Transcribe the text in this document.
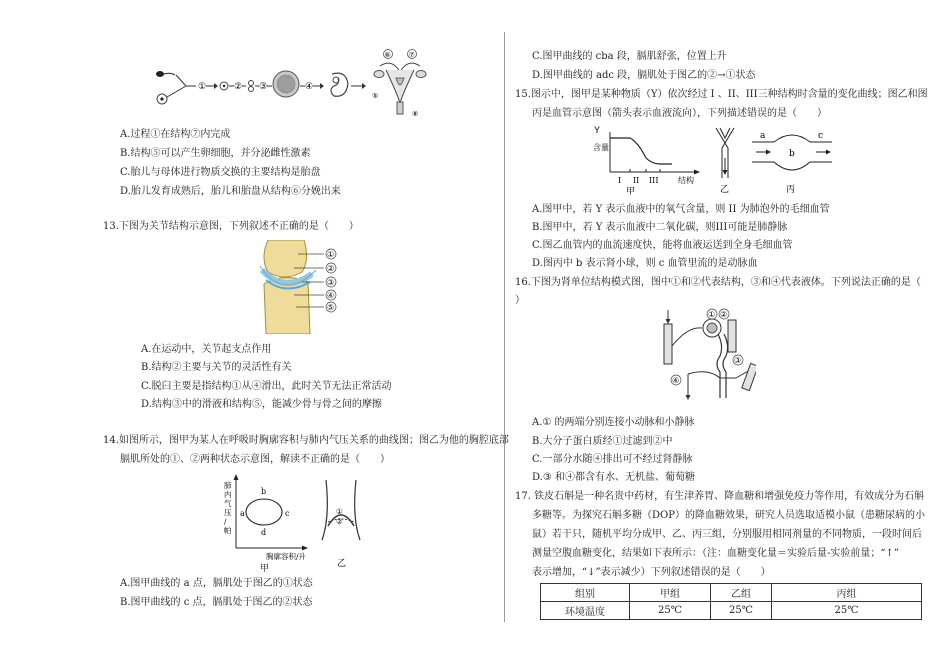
①	② ③	④
⑥	⑦
⑤
⑧
A.过程①在结构⑦内完成
B.结构⑤可以产生卵细胞，并分泌雌性激素
C.胎儿与母体进行物质交换的主要结构是胎盘
D.胎儿发育成熟后，胎儿和胎盘从结构⑥分娩出来
13.下图为关节结构示意图，下列叙述不正确的是（　　）
①
②
③
④
⑤
A.在运动中，关节起支点作用
B.结构②主要与关节的灵活性有关
C.脱臼主要是指结构①从④滑出，此时关节无法正常活动
D.结构③中的滑液和结构⑤，能减少骨与骨之间的摩擦
14.如图所示，图甲为某人在呼吸时胸廓容积与肺内气压关系的曲线图；图乙为他的胸腔底部
膈肌所处的①、②两种状态示意图，解读不正确的是（　　）
肺
内
气
压
/
帕
a
b
c
d
胸廓容积/升
甲
①
②
乙
A.图甲曲线的 a 点，膈肌处于图乙的①状态
B.图甲曲线的 c 点，膈肌处于图乙的②状态
C.图甲曲线的 cba 段，膈肌舒张，位置上升
D.图甲曲线的 adc 段，膈肌处于图乙的②→①状态
15.图示中，图甲是某种物质（Y）依次经过 I 、II、III三种结构时含量的变化曲线；图乙和图
丙是血管示意图（箭头表示血液流向），下列描述错误的是（　　）
Y
含量
I II III 结构
甲	乙
a
b
c
丙
A.图甲中，若 Y 表示血液中的氧气含量，则 II 为肺泡外的毛细血管
B.图甲中，若 Y 表示血液中二氧化碳，则III可能是肺静脉
C.图乙血管内的血流速度快，能将血液运送到全身毛细血管
D.图丙中 b 表示肾小球，则 c 血管里流的是动脉血
16.下图为肾单位结构模式图，图中①和②代表结构，③和④代表液体。下列说法正确的是（
）
① ②
③
④
A.① 的两端分别连接小动脉和小静脉
B.大分子蛋白质经①过滤到②中
C.一部分水随④排出可不经过肾静脉
D.③ 和④都含有水、无机盐、葡萄糖
17. 铁皮石斛是一种名贵中药材，有生津养胃、降血糖和增强免疫力等作用，有效成分为石斛
多糖等。为探究石斛多糖（DOP）的降血糖效果，研究人员选取适模小鼠（患糖尿病的小
鼠）若干只，随机平均分成甲、乙、丙三组，分别服用相同剂量的不同物质，一段时间后
测量空腹血糖变化，结果如下表所示：（注：血糖变化量＝实验后量-实验前量；“↑”
表示增加，“↓”表示减少）下列叙述错误的是（　　）
组别	甲组	乙组	丙组
环境温度	25℃	25℃	25℃
